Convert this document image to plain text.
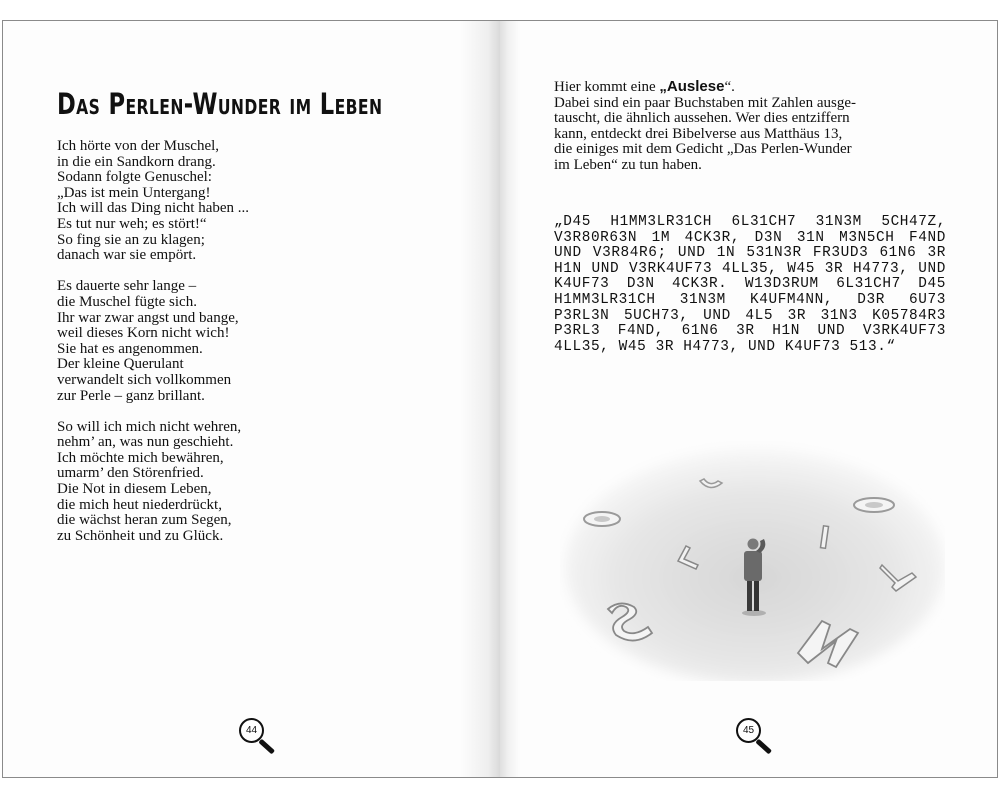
Das Perlen-Wunder im Leben
Ich hörte von der Muschel,
in die ein Sandkorn drang.
Sodann folgte Genuschel:
„Das ist mein Untergang!
Ich will das Ding nicht haben ...
Es tut nur weh; es stört!“
So fing sie an zu klagen;
danach war sie empört.
Es dauerte sehr lange –
die Muschel fügte sich.
Ihr war zwar angst und bange,
weil dieses Korn nicht wich!
Sie hat es angenommen.
Der kleine Querulant
verwandelt sich vollkommen
zur Perle – ganz brillant.
So will ich mich nicht wehren,
nehm’ an, was nun geschieht.
Ich möchte mich bewähren,
umarm’ den Störenfried.
Die Not in diesem Leben,
die mich heut niederdrückt,
die wächst heran zum Segen,
zu Schönheit und zu Glück.
44
Hier kommt eine „Auslese“.
Dabei sind ein paar Buchstaben mit Zahlen ausge-
tauscht, die ähnlich aussehen. Wer dies entziffern
kann, entdeckt drei Bibelverse aus Matthäus 13,
die einiges mit dem Gedicht „Das Perlen-Wunder
im Leben“ zu tun haben.
„D45 H1MM3LR31CH 6L31CH7 31N3M 5CH47Z, V3R80R63N 1M 4CK3R, D3N 31N M3N5CH F4ND UND V3R84R6; UND 1N 531N3R FR3UD3 61N6 3R H1N UND V3RK4UF73 4LL35, W45 3R H4773, UND K4UF73 D3N 4CK3R. W13D3RUM 6L31CH7 D45 H1MM3LR31CH 31N3M K4UFM4NN, D3R 6U73 P3RL3N 5UCH73, UND 4L5 3R 31N3 K05784R3 P3RL3 F4ND, 61N6 3R H1N UND V3RK4UF73 4LL35, W45 3R H4773, UND K4UF73 513.“
45
